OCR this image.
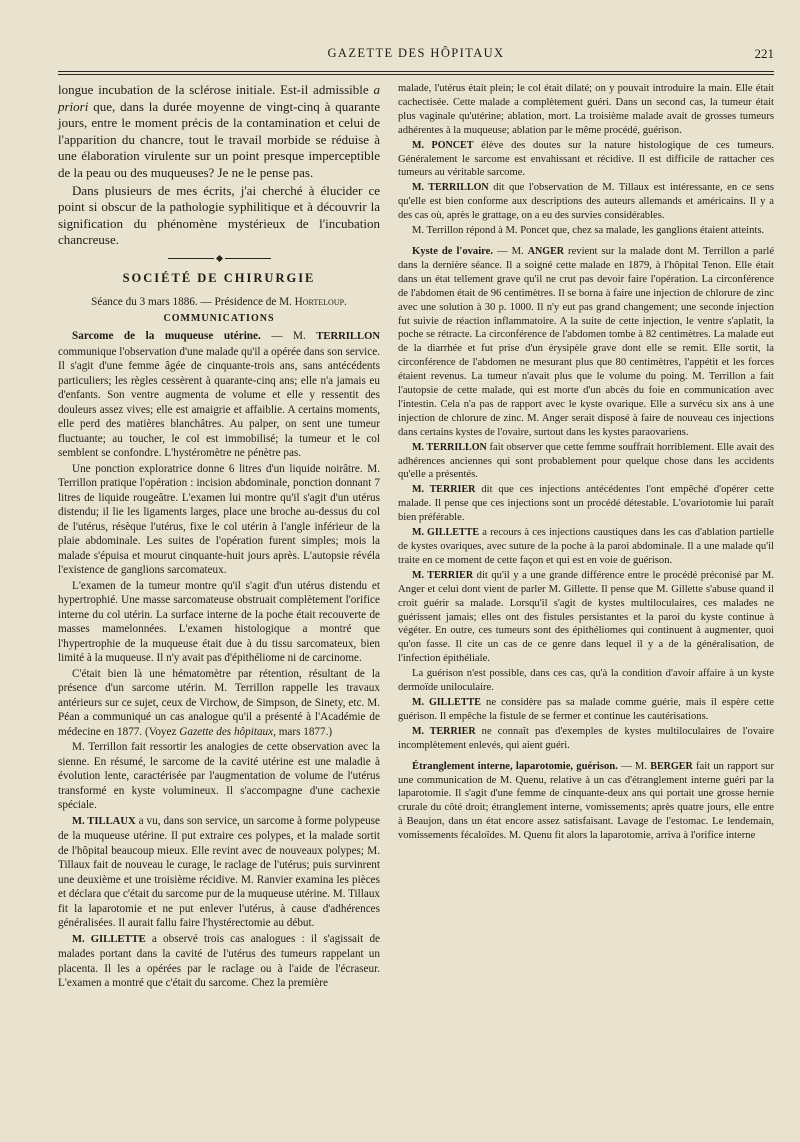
GAZETTE DES HÔPITAUX	221

longue incubation de la sclérose initiale. Est-il admissible a priori que, dans la durée moyenne de vingt-cinq à quarante jours, entre le moment précis de la contamination et celui de l'apparition du chancre, tout le travail morbide se réduise à une élaboration virulente sur un point presque imperceptible de la peau ou des muqueuses? Je ne le pense pas.

Dans plusieurs de mes écrits, j'ai cherché à élucider ce point si obscur de la pathologie syphilitique et à découvrir la signification du phénomène mystérieux de l'incubation chancreuse.

SOCIÉTÉ DE CHIRURGIE
Séance du 3 mars 1886. — Présidence de M. Horteloup.
COMMUNICATIONS

Sarcome de la muqueuse utérine. — M. TERRILLON communique l'observation d'une malade qu'il a opérée dans son service. Il s'agit d'une femme âgée de cinquante-trois ans, sans antécédents particuliers; les règles cessèrent à quarante-cinq ans; elle n'a jamais eu d'enfants. Son ventre augmenta de volume et elle y ressentit des douleurs assez vives; elle est amaigrie et affaiblie. A certains moments, elle perd des matières blanchâtres. Au palper, on sent une tumeur fluctuante; au toucher, le col est immobilisé; la tumeur et le col semblent se confondre. L'hystéromètre ne pénètre pas.

Une ponction exploratrice donne 6 litres d'un liquide noirâtre. M. Terrillon pratique l'opération : incision abdominale, ponction donnant 7 litres de liquide rougeâtre. L'examen lui montre qu'il s'agit d'un utérus distendu; il lie les ligaments larges, place une broche au-dessus du col de l'utérus, résèque l'utérus, fixe le col utérin à l'angle inférieur de la plaie abdominale. Les suites de l'opération furent simples; mois la malade s'épuisa et mourut cinquante-huit jours après. L'autopsie révéla l'existence de ganglions sarcomateux.

L'examen de la tumeur montre qu'il s'agit d'un utérus distendu et hypertrophié. Une masse sarcomateuse obstruait complètement l'orifice interne du col utérin. La surface interne de la poche était recouverte de masses mamelonnées. L'examen histologique a montré que l'hypertrophie de la muqueuse était due à du tissu sarcomateux, bien limité à la muqueuse. Il n'y avait pas d'épithéliome ni de carcinome.

C'était bien là une hématomètre par rétention, résultant de la présence d'un sarcome utérin. M. Terrillon rappelle les travaux antérieurs sur ce sujet, ceux de Virchow, de Simpson, de Sinety, etc. M. Péan a communiqué un cas analogue qu'il a présenté à l'Académie de médecine en 1877. (Voyez Gazette des hôpitaux, mars 1877.)

M. Terrillon fait ressortir les analogies de cette observation avec la sienne. En résumé, le sarcome de la cavité utérine est une maladie à évolution lente, caractérisée par l'augmentation de volume de l'utérus transformé en kyste volumineux. Il s'accompagne d'une cachexie spéciale.

M. TILLAUX a vu, dans son service, un sarcome à forme polypeuse de la muqueuse utérine. Il put extraire ces polypes, et la malade sortit de l'hôpital beaucoup mieux. Elle revint avec de nouveaux polypes; M. Tillaux fait de nouveau le curage, le raclage de l'utérus; puis survinrent une deuxième et une troisième récidive. M. Ranvier examina les pièces et déclara que c'était du sarcome pur de la muqueuse utérine. M. Tillaux fit la laparotomie et ne put enlever l'utérus, à cause d'adhérences généralisées. Il aurait fallu faire l'hystérectomie au début.

M. GILLETTE a observé trois cas analogues : il s'agissait de malades portant dans la cavité de l'utérus des tumeurs rappelant un placenta. Il les a opérées par le raclage ou à l'aide de l'écraseur. L'examen a montré que c'était du sarcome. Chez la première

malade, l'utérus était plein; le col était dilaté; on y pouvait introduire la main. Elle était cachectisée. Cette malade a complètement guéri. Dans un second cas, la tumeur était plus vaginale qu'utérine; ablation, mort. La troisième malade avait de grosses tumeurs adhérentes à la muqueuse; ablation par le même procédé, guérison.

M. PONCET élève des doutes sur la nature histologique de ces tumeurs. Généralement le sarcome est envahissant et récidive. Il est difficile de rattacher ces tumeurs au véritable sarcome.

M. TERRILLON dit que l'observation de M. Tillaux est intéressante, en ce sens qu'elle est bien conforme aux descriptions des auteurs allemands et américains. Il y a des cas où, après le grattage, on a eu des survies considérables.

M. Terrillon répond à M. Poncet que, chez sa malade, les ganglions étaient atteints.

Kyste de l'ovaire. — M. ANGER revient sur la malade dont M. Terrillon a parlé dans la dernière séance. Il a soigné cette malade en 1879, à l'hôpital Tenon. Elle était dans un état tellement grave qu'il ne crut pas devoir faire l'opération. La circonférence de l'abdomen était de 96 centimètres. Il se borna à faire une injection de chlorure de zinc avec une solution à 30 p. 1000. Il n'y eut pas grand changement; une seconde injection fut suivie de réaction inflammatoire. A la suite de cette injection, le ventre s'aplatit, la poche se rétracte. La circonférence de l'abdomen tombe à 82 centimètres. La malade eut de la diarrhée et fut prise d'un érysipèle grave dont elle se remit. Elle sortit, la circonférence de l'abdomen ne mesurant plus que 80 centimètres, l'appétit et les forces étaient revenus. La tumeur n'avait plus que le volume du poing. M. Terrillon a fait l'autopsie de cette malade, qui est morte d'un abcès du foie en communication avec l'intestin. Cela n'a pas de rapport avec le kyste ovarique. Elle a survécu six ans à une injection de chlorure de zinc. M. Anger serait disposé à faire de nouveau ces injections dans certains kystes de l'ovaire, surtout dans les kystes paraovariens.

M. TERRILLON fait observer que cette femme souffrait horriblement. Elle avait des adhérences anciennes qui sont probablement pour quelque chose dans les accidents qu'elle a présentés.

M. TERRIER dit que ces injections antécédentes l'ont empêché d'opérer cette malade. Il pense que ces injections sont un procédé détestable. L'ovariotomie lui paraît bien préférable.

M. GILLETTE a recours à ces injections caustiques dans les cas d'ablation partielle de kystes ovariques, avec suture de la poche à la paroi abdominale. Il a une malade qu'il traite en ce moment de cette façon et qui est en voie de guérison.

M. TERRIER dit qu'il y a une grande différence entre le procédé préconisé par M. Anger et celui dont vient de parler M. Gillette. Il pense que M. Gillette s'abuse quand il croit guérir sa malade. Lorsqu'il s'agit de kystes multiloculaires, ces malades ne guérissent jamais; elles ont des fistules persistantes et la paroi du kyste continue à végéter. En outre, ces tumeurs sont des épithéliomes qui continuent à augmenter, quoi qu'on fasse. Il cite un cas de ce genre dans lequel il y a de la généralisation, de l'infection épithéliale.

La guérison n'est possible, dans ces cas, qu'à la condition d'avoir affaire à un kyste dermoïde uniloculaire.

M. GILLETTE ne considère pas sa malade comme guérie, mais il espère cette guérison. Il empêche la fistule de se fermer et continue les cautérisations.

M. TERRIER ne connaît pas d'exemples de kystes multiloculaires de l'ovaire incomplètement enlevés, qui aient guéri.

Étranglement interne, laparotomie, guérison. — M. BERGER fait un rapport sur une communication de M. Quenu, relative à un cas d'étranglement interne guéri par la laparotomie. Il s'agit d'une femme de cinquante-deux ans qui portait une grosse hernie crurale du côté droit; étranglement interne, vomissements; après quatre jours, elle entre à Beaujon, dans un état encore assez satisfaisant. Lavage de l'estomac. Le lendemain, vomissements fécaloïdes. M. Quenu fit alors la laparotomie, arriva à l'orifice interne
